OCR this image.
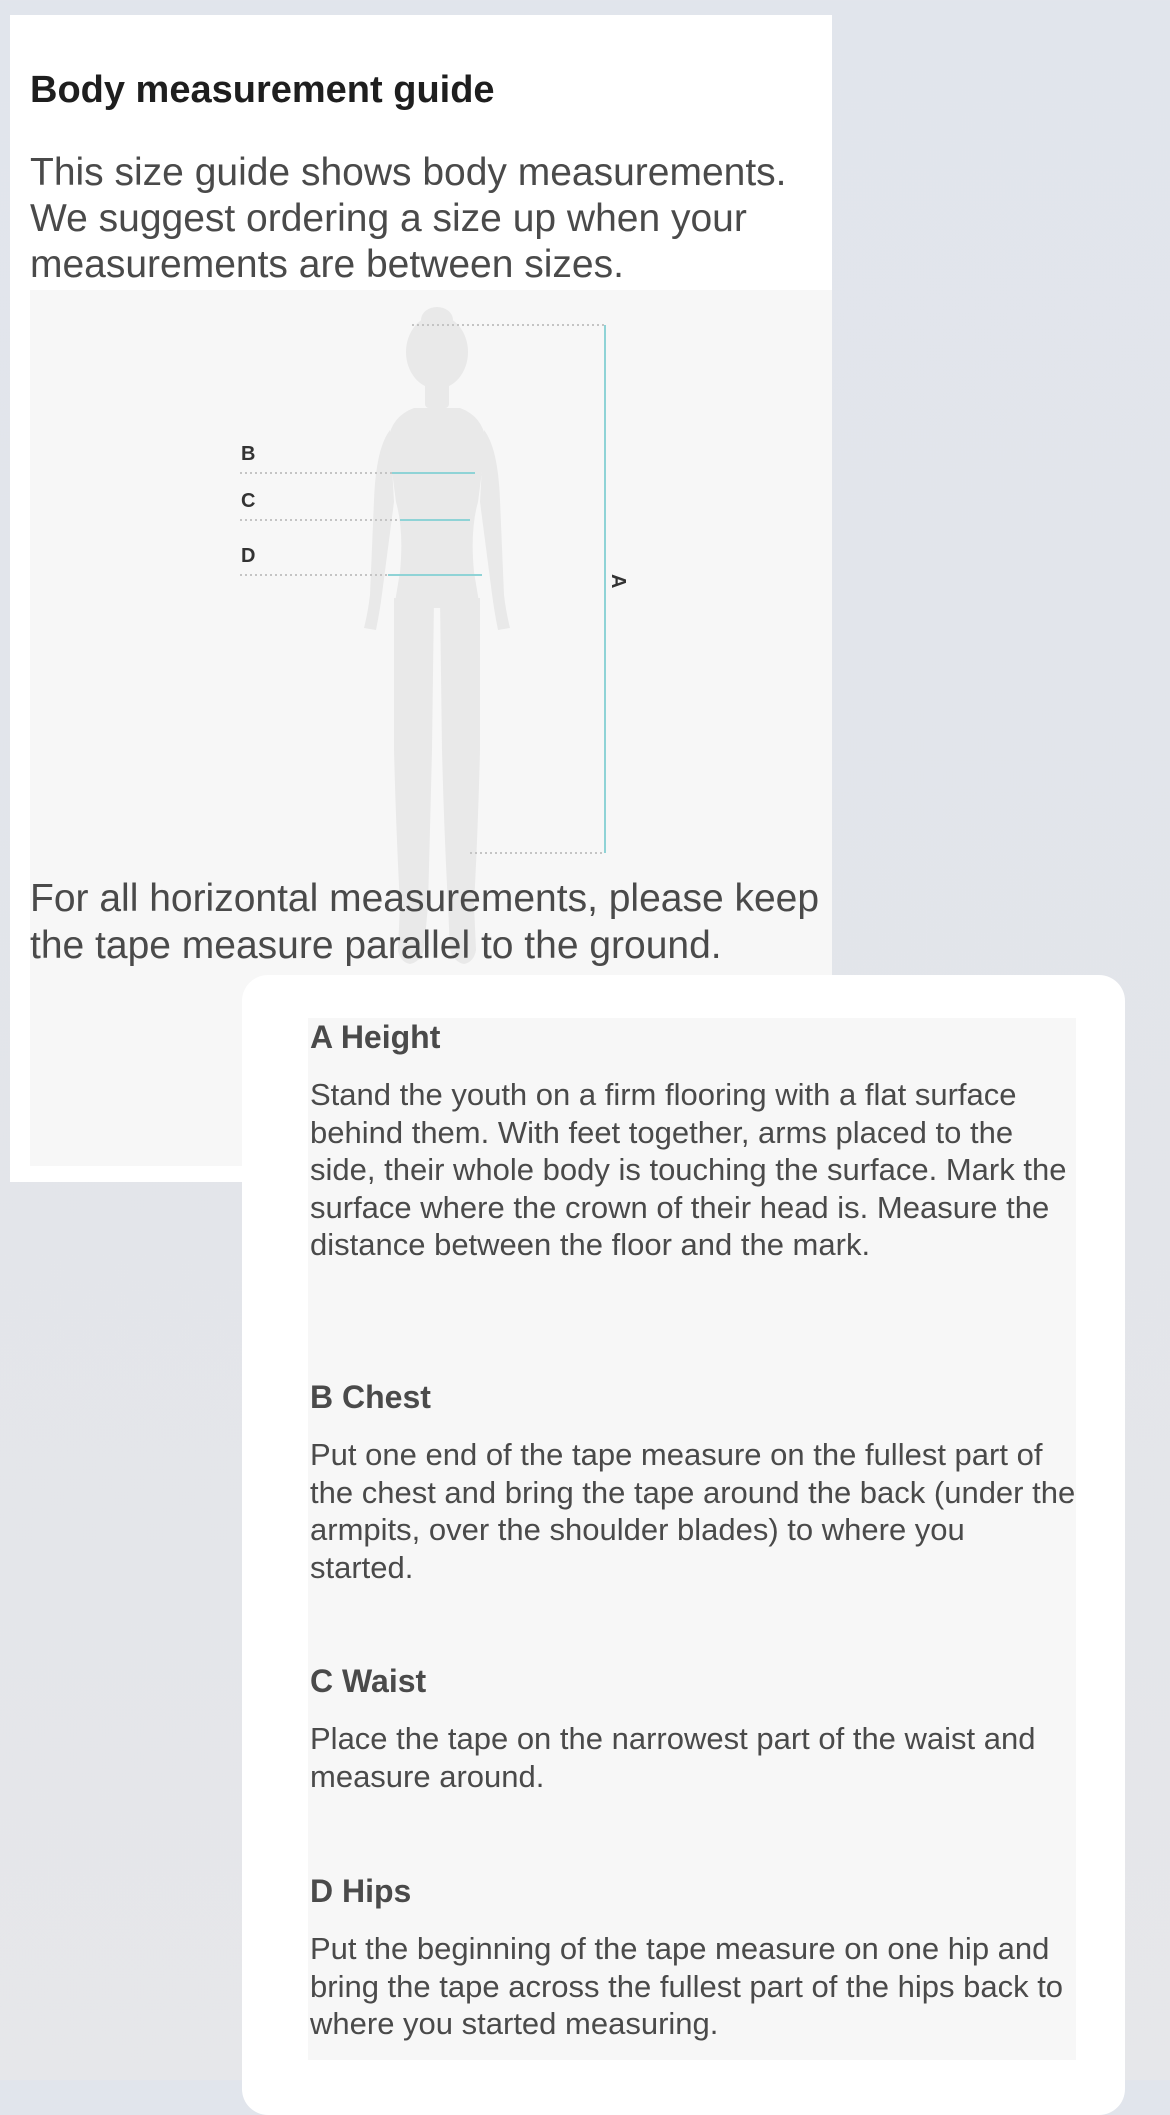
Body measurement guide

This size guide shows body measurements. We suggest ordering a size up when your measurements are between sizes.

B
C
D
A

For all horizontal measurements, please keep the tape measure parallel to the ground.

A Height

Stand the youth on a firm flooring with a flat surface behind them. With feet together, arms placed to the side, their whole body is touching the surface. Mark the surface where the crown of their head is. Measure the distance between the floor and the mark.

B Chest

Put one end of the tape measure on the fullest part of the chest and bring the tape around the back (under the armpits, over the shoulder blades) to where you started.

C Waist

Place the tape on the narrowest part of the waist and measure around.

D Hips

Put the beginning of the tape measure on one hip and bring the tape across the fullest part of the hips back to where you started measuring.
